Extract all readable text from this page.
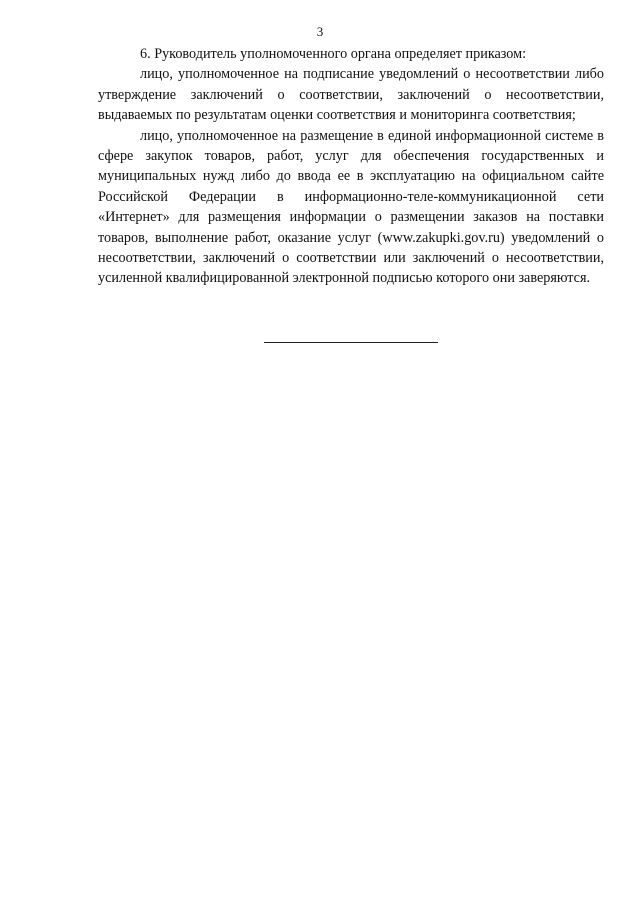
3

6. Руководитель уполномоченного органа определяет приказом:

лицо, уполномоченное на подписание уведомлений о несоответствии либо утверждение заключений о соответствии, заключений о несоответствии, выдаваемых по результатам оценки соответствия и мониторинга соответствия;

лицо, уполномоченное на размещение в единой информационной системе в сфере закупок товаров, работ, услуг для обеспечения государственных и муниципальных нужд либо до ввода ее в эксплуатацию на официальном сайте Российской Федерации в информационно-теле-коммуникационной сети «Интернет» для размещения информации о размещении заказов на поставки товаров, выполнение работ, оказание услуг (www.zakupki.gov.ru) уведомлений о несоответствии, заключений о соответствии или заключений о несоответствии, усиленной квалифицированной электронной подписью которого они заверяются.
